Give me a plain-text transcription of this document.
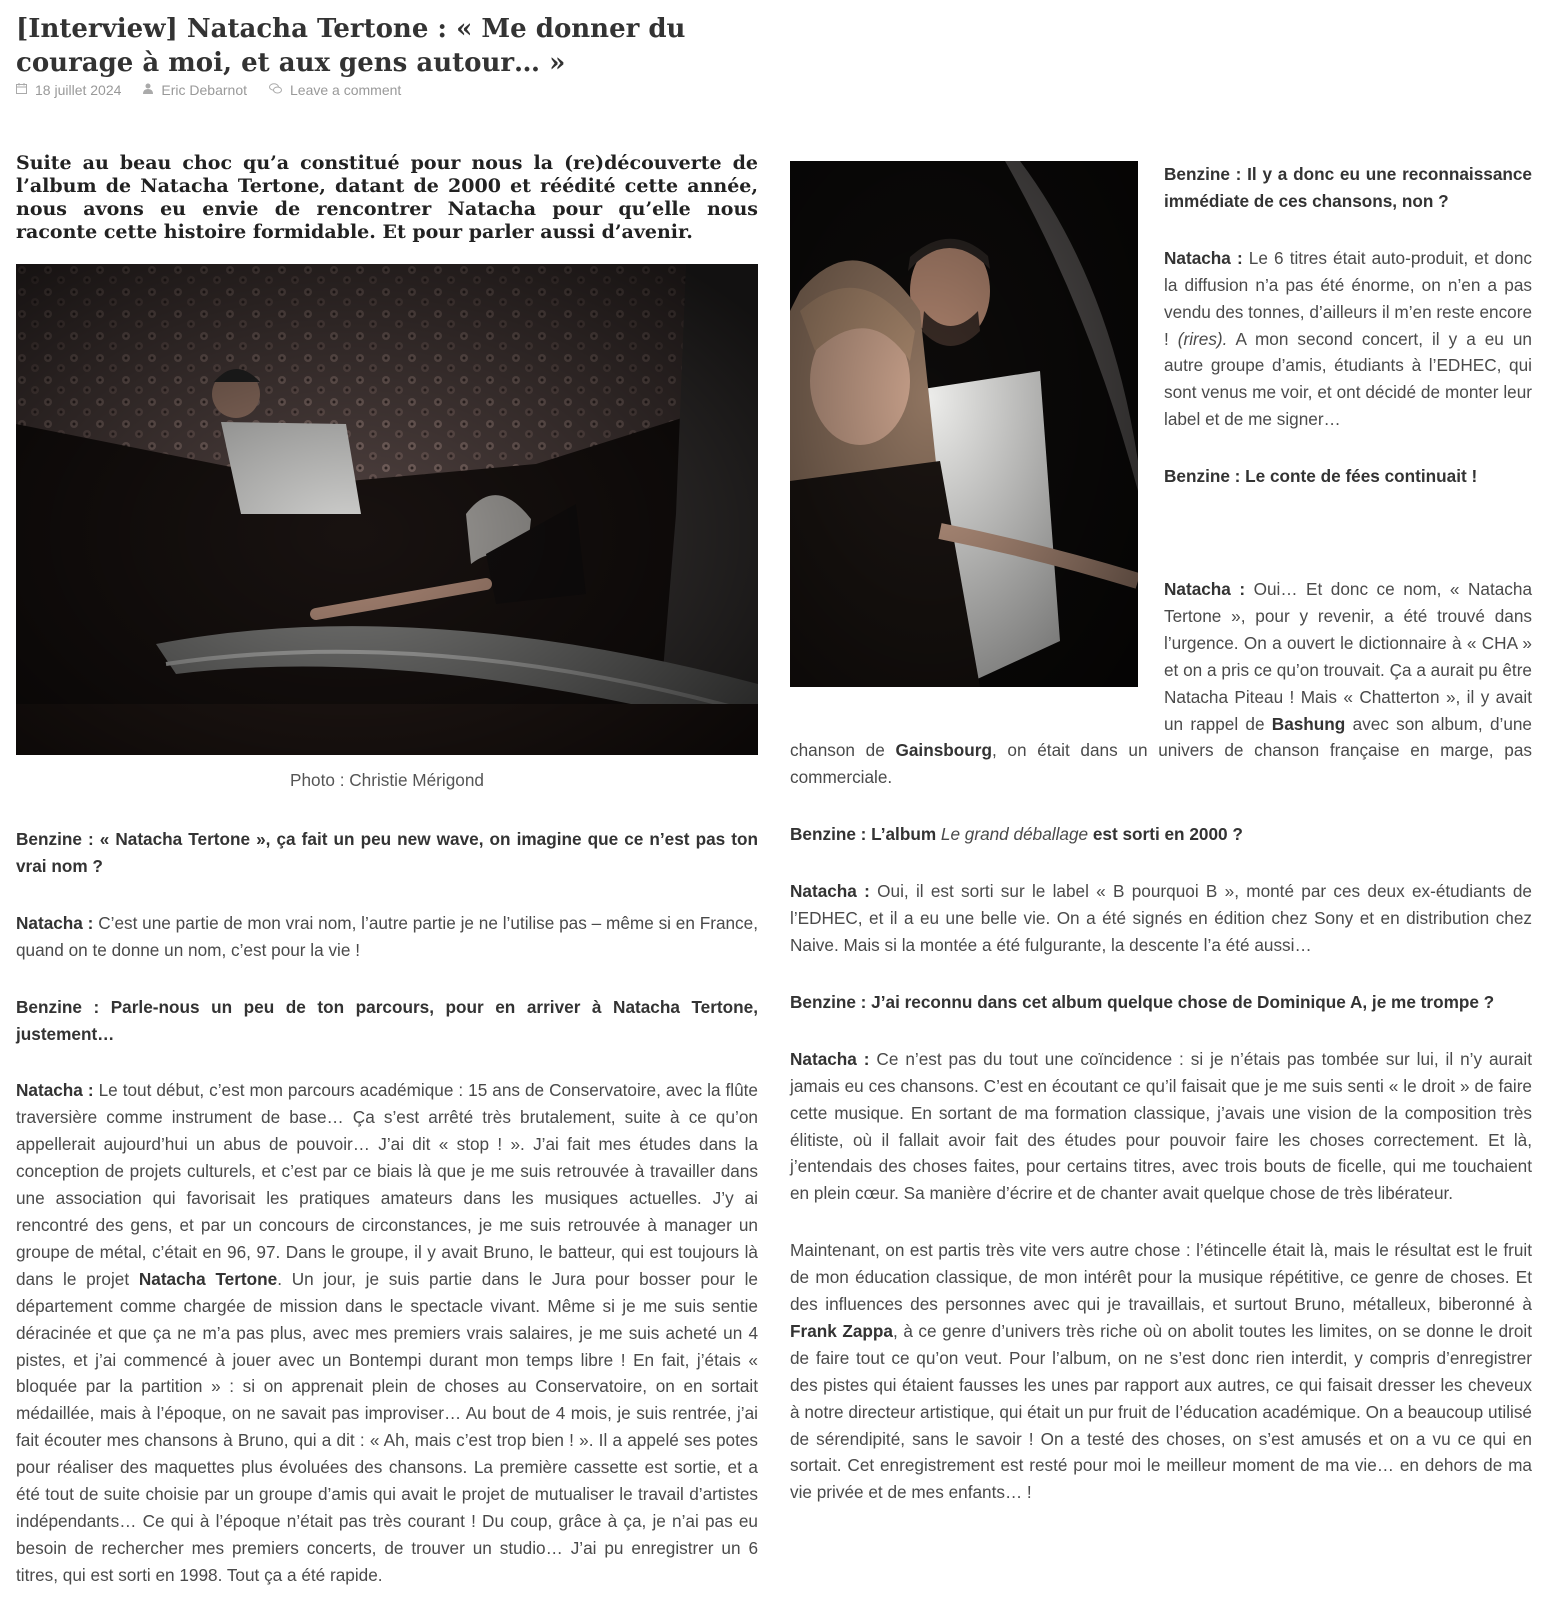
[Interview] Natacha Tertone : « Me donner du courage à moi, et aux gens autour… »
18 juillet 2024	Eric Debarnot	Leave a comment

Suite au beau choc qu’a constitué pour nous la (re)découverte de l’album de Natacha Tertone, datant de 2000 et réédité cette année, nous avons eu envie de rencontrer Natacha pour qu’elle nous raconte cette histoire formidable. Et pour parler aussi d’avenir.

Photo : Christie Mérigond

Benzine : « Natacha Tertone », ça fait un peu new wave, on imagine que ce n’est pas ton vrai nom ?

Natacha : C’est une partie de mon vrai nom, l’autre partie je ne l’utilise pas – même si en France, quand on te donne un nom, c’est pour la vie !

Benzine : Parle-nous un peu de ton parcours, pour en arriver à Natacha Tertone, justement…

Natacha : Le tout début, c’est mon parcours académique : 15 ans de Conservatoire, avec la flûte traversière comme instrument de base… Ça s’est arrêté très brutalement, suite à ce qu’on appellerait aujourd’hui un abus de pouvoir… J’ai dit « stop ! ». J’ai fait mes études dans la conception de projets culturels, et c’est par ce biais là que je me suis retrouvée à travailler dans une association qui favorisait les pratiques amateurs dans les musiques actuelles. J’y ai rencontré des gens, et par un concours de circonstances, je me suis retrouvée à manager un groupe de métal, c’était en 96, 97. Dans le groupe, il y avait Bruno, le batteur, qui est toujours là dans le projet Natacha Tertone. Un jour, je suis partie dans le Jura pour bosser pour le département comme chargée de mission dans le spectacle vivant. Même si je me suis sentie déracinée et que ça ne m’a pas plus, avec mes premiers vrais salaires, je me suis acheté un 4 pistes, et j’ai commencé à jouer avec un Bontempi durant mon temps libre ! En fait, j’étais « bloquée par la partition » : si on apprenait plein de choses au Conservatoire, on en sortait médaillée, mais à l’époque, on ne savait pas improviser… Au bout de 4 mois, je suis rentrée, j’ai fait écouter mes chansons à Bruno, qui a dit : « Ah, mais c’est trop bien ! ». Il a appelé ses potes pour réaliser des maquettes plus évoluées des chansons. La première cassette est sortie, et a été tout de suite choisie par un groupe d’amis qui avait le projet de mutualiser le travail d’artistes indépendants… Ce qui à l’époque n’était pas très courant ! Du coup, grâce à ça, je n’ai pas eu besoin de rechercher mes premiers concerts, de trouver un studio… J’ai pu enregistrer un 6 titres, qui est sorti en 1998. Tout ça a été rapide.

Benzine : Il y a donc eu une reconnaissance immédiate de ces chansons, non ?

Natacha : Le 6 titres était auto-produit, et donc la diffusion n’a pas été énorme, on n’en a pas vendu des tonnes, d’ailleurs il m’en reste encore ! (rires). A mon second concert, il y a eu un autre groupe d’amis, étudiants à l’EDHEC, qui sont venus me voir, et ont décidé de monter leur label et de me signer…

Benzine : Le conte de fées continuait !

Natacha : Oui… Et donc ce nom, « Natacha Tertone », pour y revenir, a été trouvé dans l’urgence. On a ouvert le dictionnaire à « CHA » et on a pris ce qu’on trouvait. Ça a aurait pu être Natacha Piteau ! Mais « Chatterton », il y avait un rappel de Bashung avec son album, d’une chanson de Gainsbourg, on était dans un univers de chanson française en marge, pas commerciale.

Benzine : L’album Le grand déballage est sorti en 2000 ?

Natacha : Oui, il est sorti sur le label « B pourquoi B », monté par ces deux ex-étudiants de l’EDHEC, et il a eu une belle vie. On a été signés en édition chez Sony et en distribution chez Naive. Mais si la montée a été fulgurante, la descente l’a été aussi…

Benzine : J’ai reconnu dans cet album quelque chose de Dominique A, je me trompe ?

Natacha : Ce n’est pas du tout une coïncidence : si je n’étais pas tombée sur lui, il n’y aurait jamais eu ces chansons. C’est en écoutant ce qu’il faisait que je me suis senti « le droit » de faire cette musique. En sortant de ma formation classique, j’avais une vision de la composition très élitiste, où il fallait avoir fait des études pour pouvoir faire les choses correctement. Et là, j’entendais des choses faites, pour certains titres, avec trois bouts de ficelle, qui me touchaient en plein cœur. Sa manière d’écrire et de chanter avait quelque chose de très libérateur.

Maintenant, on est partis très vite vers autre chose : l’étincelle était là, mais le résultat est le fruit de mon éducation classique, de mon intérêt pour la musique répétitive, ce genre de choses. Et des influences des personnes avec qui je travaillais, et surtout Bruno, métalleux, biberonné à Frank Zappa, à ce genre d’univers très riche où on abolit toutes les limites, on se donne le droit de faire tout ce qu’on veut. Pour l’album, on ne s’est donc rien interdit, y compris d’enregistrer des pistes qui étaient fausses les unes par rapport aux autres, ce qui faisait dresser les cheveux à notre directeur artistique, qui était un pur fruit de l’éducation académique. On a beaucoup utilisé de sérendipité, sans le savoir ! On a testé des choses, on s’est amusés et on a vu ce qui en sortait. Cet enregistrement est resté pour moi le meilleur moment de ma vie… en dehors de ma vie privée et de mes enfants… !
